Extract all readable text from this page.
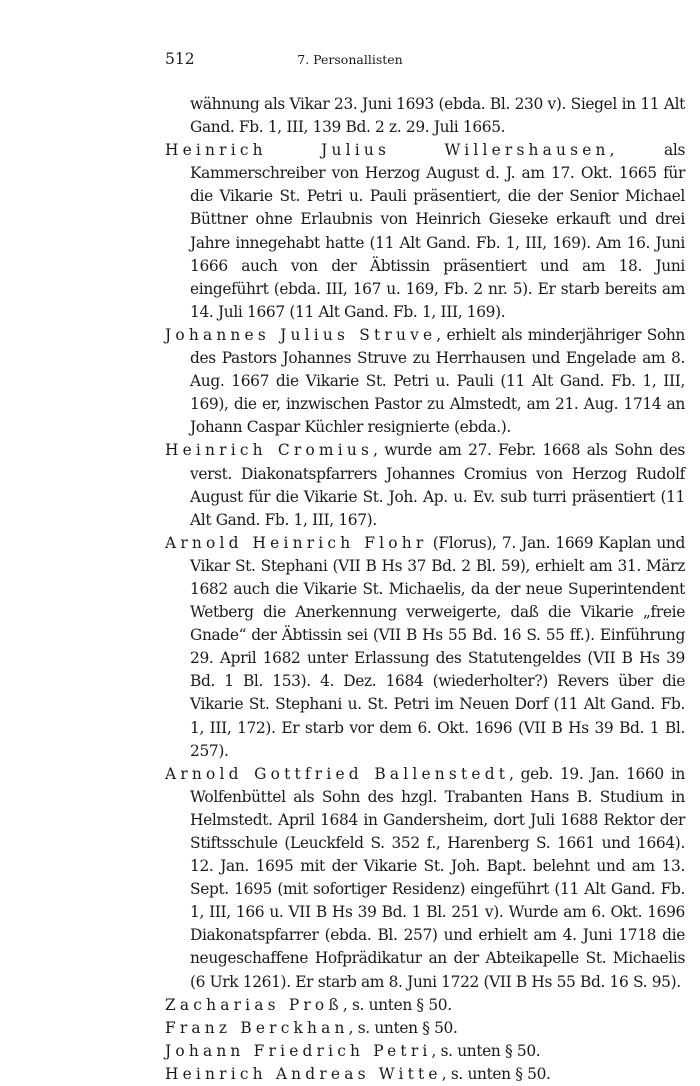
512	7. Personallisten

wähnung als Vikar 23. Juni 1693 (ebda. Bl. 230 v). Siegel in 11 Alt Gand. Fb. 1, III, 139 Bd. 2 z. 29. Juli 1665.

Heinrich Julius Willershausen, als Kammerschreiber von Herzog August d. J. am 17. Okt. 1665 für die Vikarie St. Petri u. Pauli präsentiert, die der Senior Michael Büttner ohne Erlaubnis von Heinrich Gieseke erkauft und drei Jahre innegehabt hatte (11 Alt Gand. Fb. 1, III, 169). Am 16. Juni 1666 auch von der Äbtissin präsentiert und am 18. Juni eingeführt (ebda. III, 167 u. 169, Fb. 2 nr. 5). Er starb bereits am 14. Juli 1667 (11 Alt Gand. Fb. 1, III, 169).

Johannes Julius Struve, erhielt als minderjähriger Sohn des Pastors Johannes Struve zu Herrhausen und Engelade am 8. Aug. 1667 die Vikarie St. Petri u. Pauli (11 Alt Gand. Fb. 1, III, 169), die er, inzwischen Pastor zu Almstedt, am 21. Aug. 1714 an Johann Caspar Küchler resignierte (ebda.).

Heinrich Cromius, wurde am 27. Febr. 1668 als Sohn des verst. Diakonatspfarrers Johannes Cromius von Herzog Rudolf August für die Vikarie St. Joh. Ap. u. Ev. sub turri präsentiert (11 Alt Gand. Fb. 1, III, 167).

Arnold Heinrich Flohr (Florus), 7. Jan. 1669 Kaplan und Vikar St. Stephani (VII B Hs 37 Bd. 2 Bl. 59), erhielt am 31. März 1682 auch die Vikarie St. Michaelis, da der neue Superintendent Wetberg die Anerkennung verweigerte, daß die Vikarie „freie Gnade“ der Äbtissin sei (VII B Hs 55 Bd. 16 S. 55 ff.). Einführung 29. April 1682 unter Erlassung des Statutengeldes (VII B Hs 39 Bd. 1 Bl. 153). 4. Dez. 1684 (wiederholter?) Revers über die Vikarie St. Stephani u. St. Petri im Neuen Dorf (11 Alt Gand. Fb. 1, III, 172). Er starb vor dem 6. Okt. 1696 (VII B Hs 39 Bd. 1 Bl. 257).

Arnold Gottfried Ballenstedt, geb. 19. Jan. 1660 in Wolfenbüttel als Sohn des hzgl. Trabanten Hans B. Studium in Helmstedt. April 1684 in Gandersheim, dort Juli 1688 Rektor der Stiftsschule (Leuckfeld S. 352 f., Harenberg S. 1661 und 1664). 12. Jan. 1695 mit der Vikarie St. Joh. Bapt. belehnt und am 13. Sept. 1695 (mit sofortiger Residenz) eingeführt (11 Alt Gand. Fb. 1, III, 166 u. VII B Hs 39 Bd. 1 Bl. 251 v). Wurde am 6. Okt. 1696 Diakonatspfarrer (ebda. Bl. 257) und erhielt am 4. Juni 1718 die neugeschaffene Hofprädikatur an der Abteikapelle St. Michaelis (6 Urk 1261). Er starb am 8. Juni 1722 (VII B Hs 55 Bd. 16 S. 95).

Zacharias Proß, s. unten § 50.

Franz Berckhan, s. unten § 50.

Johann Friedrich Petri, s. unten § 50.

Heinrich Andreas Witte, s. unten § 50.
